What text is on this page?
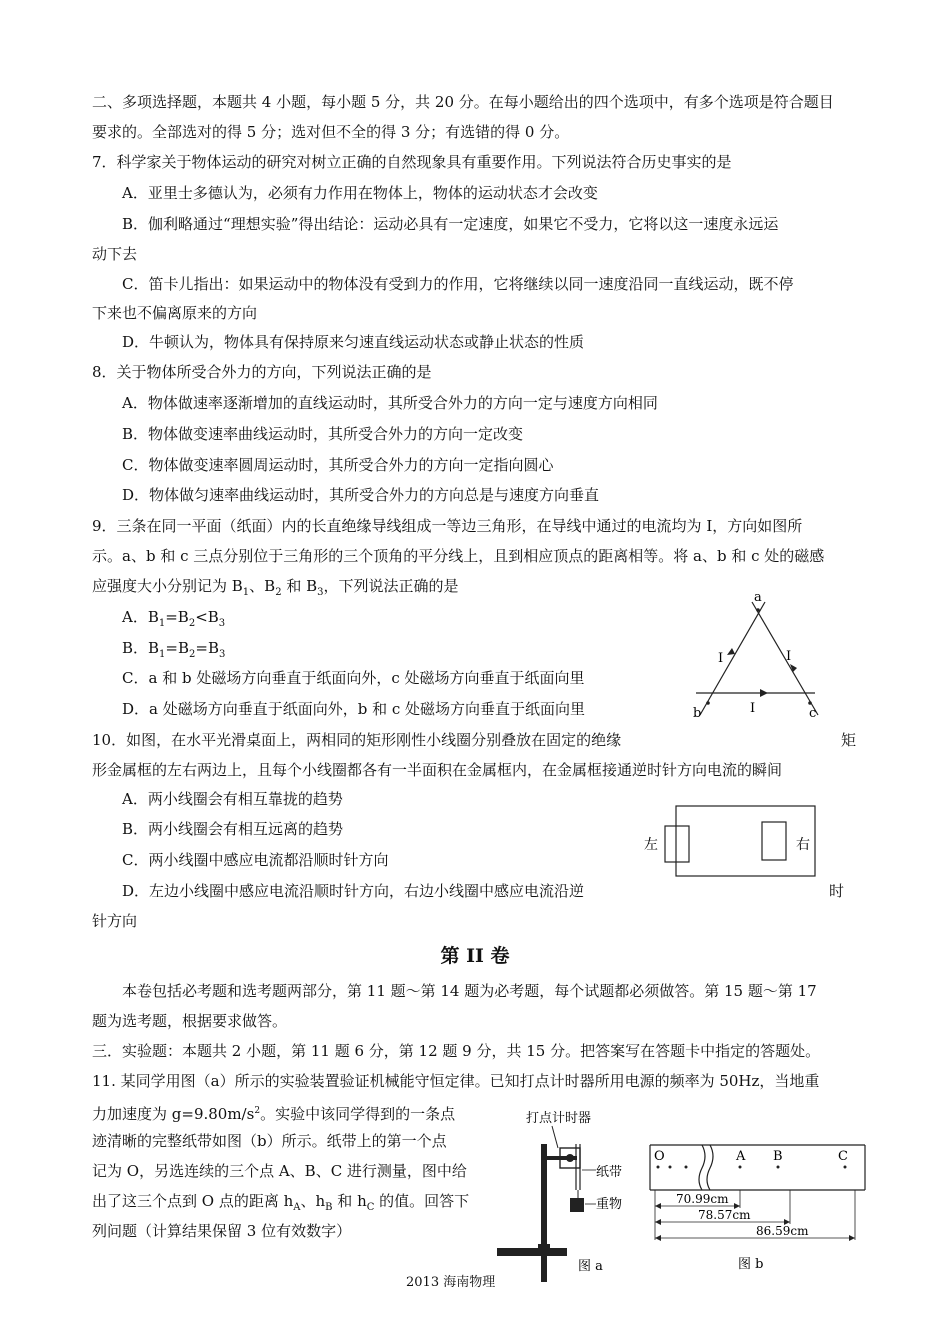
二、多项选择题，本题共 4 小题，每小题 5 分，共 20 分。在每小题给出的四个选项中，有多个选项是符合题目
要求的。全部选对的得 5 分；选对但不全的得 3 分；有选错的得 0 分。
7．科学家关于物体运动的研究对树立正确的自然现象具有重要作用。下列说法符合历史事实的是
A．亚里士多德认为，必须有力作用在物体上，物体的运动状态才会改变
B．伽利略通过“理想实验”得出结论：运动必具有一定速度，如果它不受力，它将以这一速度永远运
动下去
C．笛卡儿指出：如果运动中的物体没有受到力的作用，它将继续以同一速度沿同一直线运动，既不停
下来也不偏离原来的方向
D．牛顿认为，物体具有保持原来匀速直线运动状态或静止状态的性质
8．关于物体所受合外力的方向，下列说法正确的是
A．物体做速率逐渐增加的直线运动时，其所受合外力的方向一定与速度方向相同
B．物体做变速率曲线运动时，其所受合外力的方向一定改变
C．物体做变速率圆周运动时，其所受合外力的方向一定指向圆心
D．物体做匀速率曲线运动时，其所受合外力的方向总是与速度方向垂直
9．三条在同一平面（纸面）内的长直绝缘导线组成一等边三角形，在导线中通过的电流均为 I，方向如图所
示。a、b 和 c 三点分别位于三角形的三个顶角的平分线上，且到相应顶点的距离相等。将 a、b 和 c 处的磁感
应强度大小分别记为 $B_1$、$B_2$ 和 $B_3$，下列说法正确的是
A．$B_1=B_2<B_3$
B．$B_1=B_2=B_3$
C．a 和 b 处磁场方向垂直于纸面向外，c 处磁场方向垂直于纸面向里
D．a 处磁场方向垂直于纸面向外，b 和 c 处磁场方向垂直于纸面向里
a
b	c
I	I
I
10．如图，在水平光滑桌面上，两相同的矩形刚性小线圈分别叠放在固定的绝缘	矩
形金属框的左右两边上，且每个小线圈都各有一半面积在金属框内，在金属框接通逆时针方向电流的瞬间
A．两小线圈会有相互靠拢的趋势
B．两小线圈会有相互远离的趋势
C．两小线圈中感应电流都沿顺时针方向
D．左边小线圈中感应电流沿顺时针方向，右边小线圈中感应电流沿逆	时
针方向
左	右
第 II 卷
本卷包括必考题和选考题两部分，第 11 题～第 14 题为必考题，每个试题都必须做答。第 15 题～第 17
题为选考题，根据要求做答。
三．实验题：本题共 2 小题，第 11 题 6 分，第 12 题 9 分，共 15 分。把答案写在答题卡中指定的答题处。
11. 某同学用图（a）所示的实验装置验证机械能守恒定律。已知打点计时器所用电源的频率为 50Hz，当地重
力加速度为 $g=9.80m/s^2$。实验中该同学得到的一条点
迹清晰的完整纸带如图（b）所示。纸带上的第一个点
记为 O，另选连续的三个点 A、B、C 进行测量，图中给
出了这三个点到 O 点的距离 $h_A$、$h_B$ 和 $h_C$ 的值。回答下
列问题（计算结果保留 3 位有效数字）
打点计时器
纸带
重物
图 a
O	A B	C
70.99cm
78.57cm
86.59cm
图 b
2013 海南物理
